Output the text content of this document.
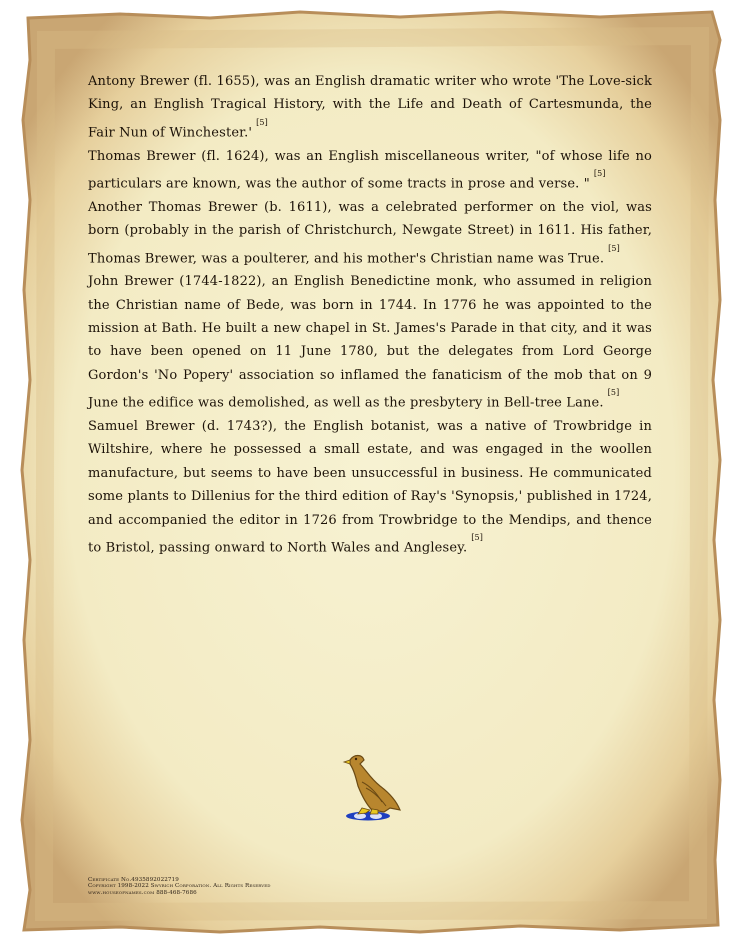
Antony Brewer (fl. 1655), was an English dramatic writer who wrote 'The Love-sick King, an English Tragical History, with the Life and Death of Cartesmunda, the Fair Nun of Winchester.'[5]

Thomas Brewer (fl. 1624), was an English miscellaneous writer, "of whose life no particulars are known, was the author of some tracts in prose and verse. "[5]

Another Thomas Brewer (b. 1611), was a celebrated performer on the viol, was born (probably in the parish of Christchurch, Newgate Street) in 1611. His father, Thomas Brewer, was a poulterer, and his mother's Christian name was True.[5]

John Brewer (1744-1822), an English Benedictine monk, who assumed in religion the Christian name of Bede, was born in 1744. In 1776 he was appointed to the mission at Bath. He built a new chapel in St. James's Parade in that city, and it was to have been opened on 11 June 1780, but the delegates from Lord George Gordon's 'No Popery' association so inflamed the fanaticism of the mob that on 9 June the edifice was demolished, as well as the presbytery in Bell-tree Lane.[5]

Samuel Brewer (d. 1743?), the English botanist, was a native of Trowbridge in Wiltshire, where he possessed a small estate, and was engaged in the woollen manufacture, but seems to have been unsuccessful in business. He communicated some plants to Dillenius for the third edition of Ray's 'Synopsis,' published in 1724, and accompanied the editor in 1726 from Trowbridge to the Mendips, and thence to Bristol, passing onward to North Wales and Anglesey.[5]

Certificate No.4935892022719
Copyright 1998-2022 Swyrich Corporation. All Rights Reserved
www.houseofnames.com 888-468-7686
